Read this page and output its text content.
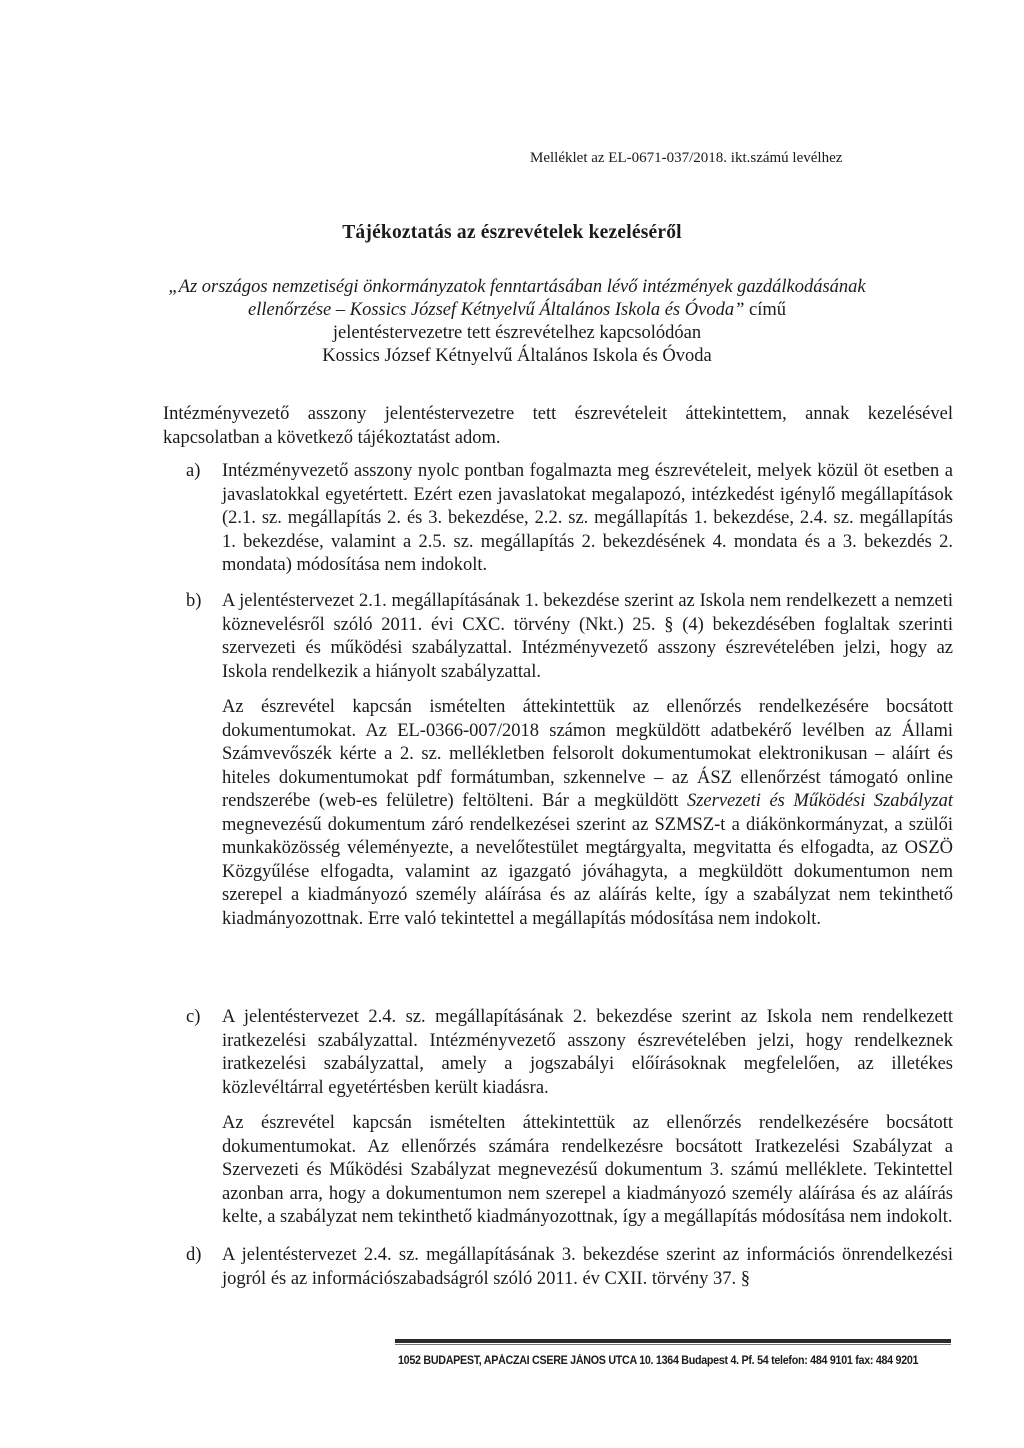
Melléklet az EL-0671-037/2018. ikt.számú levélhez
Tájékoztatás az észrevételek kezeléséről
„Az országos nemzetiségi önkormányzatok fenntartásában lévő intézmények gazdálkodásának ellenőrzése – Kossics József Kétnyelvű Általános Iskola és Óvoda” című
jelentéstervezetre tett észrevételhez kapcsolódóan
Kossics József Kétnyelvű Általános Iskola és Óvoda
Intézményvezető asszony jelentéstervezetre tett észrevételeit áttekintettem, annak kezelésével kapcsolatban a következő tájékoztatást adom.
a) Intézményvezető asszony nyolc pontban fogalmazta meg észrevételeit, melyek közül öt esetben a javaslatokkal egyetértett. Ezért ezen javaslatokat megalapozó, intézkedést igénylő megállapítások (2.1. sz. megállapítás 2. és 3. bekezdése, 2.2. sz. megállapítás 1. bekezdése, 2.4. sz. megállapítás 1. bekezdése, valamint a 2.5. sz. megállapítás 2. bekezdésének 4. mondata és a 3. bekezdés 2. mondata) módosítása nem indokolt.
b) A jelentéstervezet 2.1. megállapításának 1. bekezdése szerint az Iskola nem rendelkezett a nemzeti köznevelésről szóló 2011. évi CXC. törvény (Nkt.) 25. § (4) bekezdésében foglaltak szerinti szervezeti és működési szabályzattal. Intézményvezető asszony észrevételében jelzi, hogy az Iskola rendelkezik a hiányolt szabályzattal.
Az észrevétel kapcsán ismételten áttekintettük az ellenőrzés rendelkezésére bocsátott dokumentumokat. Az EL-0366-007/2018 számon megküldött adatbekérő levélben az Állami Számvevőszék kérte a 2. sz. mellékletben felsorolt dokumentumokat elektronikusan – aláírt és hiteles dokumentumokat pdf formátumban, szkennelve – az ÁSZ ellenőrzést támogató online rendszerébe (web-es felületre) feltölteni. Bár a megküldött Szervezeti és Működési Szabályzat megnevezésű dokumentum záró rendelkezései szerint az SZMSZ-t a diákönkormányzat, a szülői munkaközösség véleményezte, a nevelőtestület megtárgyalta, megvitatta és elfogadta, az OSZÖ Közgyűlése elfogadta, valamint az igazgató jóváhagyta, a megküldött dokumentumon nem szerepel a kiadmányozó személy aláírása és az aláírás kelte, így a szabályzat nem tekinthető kiadmányozottnak. Erre való tekintettel a megállapítás módosítása nem indokolt.
c) A jelentéstervezet 2.4. sz. megállapításának 2. bekezdése szerint az Iskola nem rendelkezett iratkezelési szabályzattal. Intézményvezető asszony észrevételében jelzi, hogy rendelkeznek iratkezelési szabályzattal, amely a jogszabályi előírásoknak megfelelően, az illetékes közlevéltárral egyetértésben került kiadásra.
Az észrevétel kapcsán ismételten áttekintettük az ellenőrzés rendelkezésére bocsátott dokumentumokat. Az ellenőrzés számára rendelkezésre bocsátott Iratkezelési Szabályzat a Szervezeti és Működési Szabályzat megnevezésű dokumentum 3. számú melléklete. Tekintettel azonban arra, hogy a dokumentumon nem szerepel a kiadmányozó személy aláírása és az aláírás kelte, a szabályzat nem tekinthető kiadmányozottnak, így a megállapítás módosítása nem indokolt.
d) A jelentéstervezet 2.4. sz. megállapításának 3. bekezdése szerint az információs önrendelkezési jogról és az információszabadságról szóló 2011. év CXII. törvény 37. §
1052 BUDAPEST, APÁCZAI CSERE JÁNOS UTCA 10. 1364 Budapest 4. Pf. 54 telefon: 484 9101 fax: 484 9201
